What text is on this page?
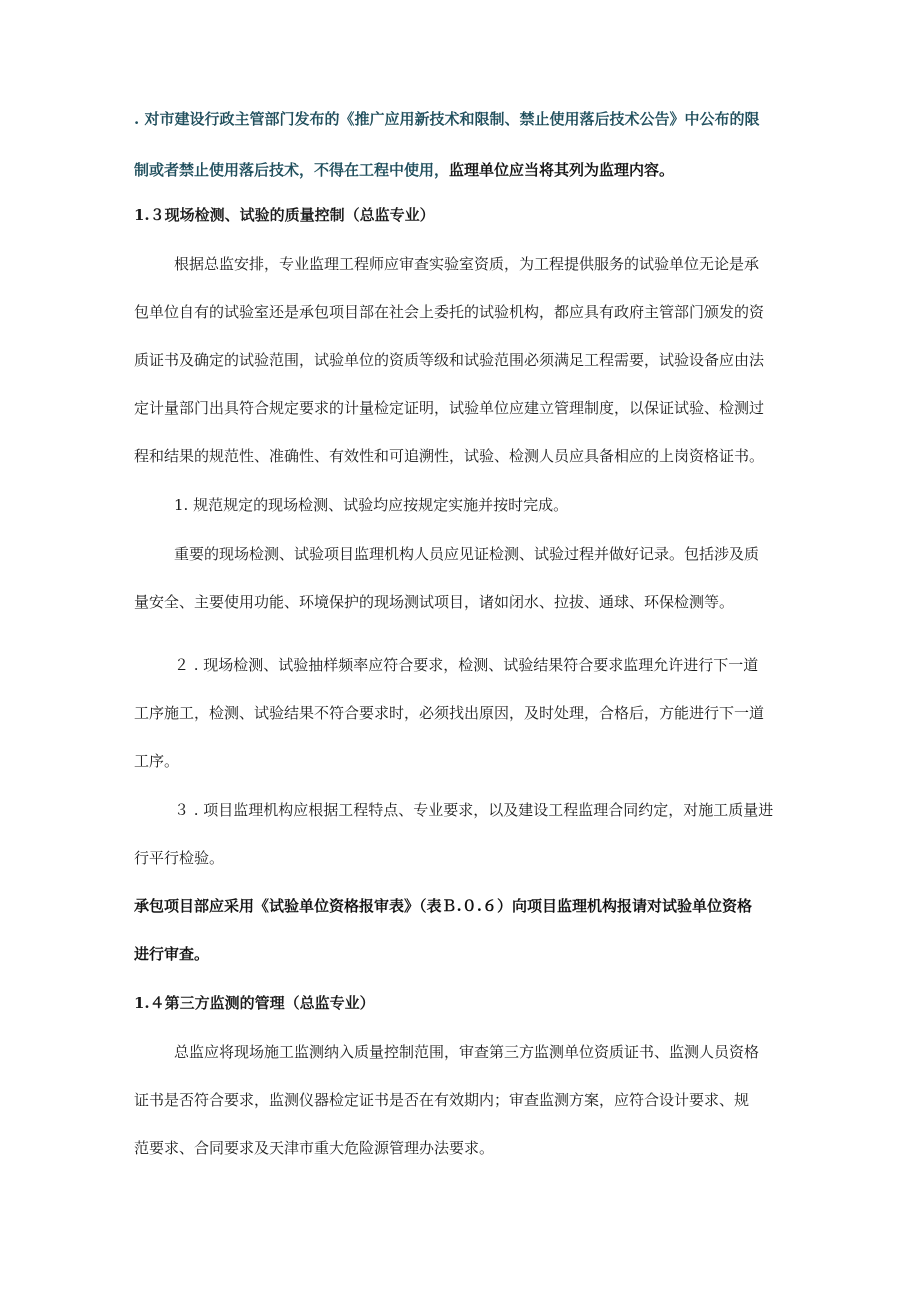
. 对市建设行政主管部门发布的《推广应用新技术和限制、禁止使用落后技术公告》中公布的限
制或者禁止使用落后技术，不得在工程中使用，监理单位应当将其列为监理内容。
1.３现场检测、试验的质量控制（总监专业）
根据总监安排，专业监理工程师应审查实验室资质，为工程提供服务的试验单位无论是承
包单位自有的试验室还是承包项目部在社会上委托的试验机构，都应具有政府主管部门颁发的资
质证书及确定的试验范围，试验单位的资质等级和试验范围必须满足工程需要，试验设备应由法
定计量部门出具符合规定要求的计量检定证明，试验单位应建立管理制度，以保证试验、检测过
程和结果的规范性、准确性、有效性和可追溯性，试验、检测人员应具备相应的上岗资格证书。
1. 规范规定的现场检测、试验均应按规定实施并按时完成。
重要的现场检测、试验项目监理机构人员应见证检测、试验过程并做好记录。包括涉及质
量安全、主要使用功能、环境保护的现场测试项目，诸如闭水、拉拔、通球、环保检测等。
２ . 现场检测、试验抽样频率应符合要求，检测、试验结果符合要求监理允许进行下一道
工序施工，检测、试验结果不符合要求时，必须找出原因，及时处理，合格后，方能进行下一道
工序。
３ . 项目监理机构应根据工程特点、专业要求，以及建设工程监理合同约定，对施工质量进
行平行检验。
承包项目部应采用《试验单位资格报审表》（表Ｂ.０.６）向项目监理机构报请对试验单位资格
进行审查。
1.４第三方监测的管理（总监专业）
总监应将现场施工监测纳入质量控制范围，审查第三方监测单位资质证书、监测人员资格
证书是否符合要求，监测仪器检定证书是否在有效期内；审查监测方案，应符合设计要求、规
范要求、合同要求及天津市重大危险源管理办法要求。
